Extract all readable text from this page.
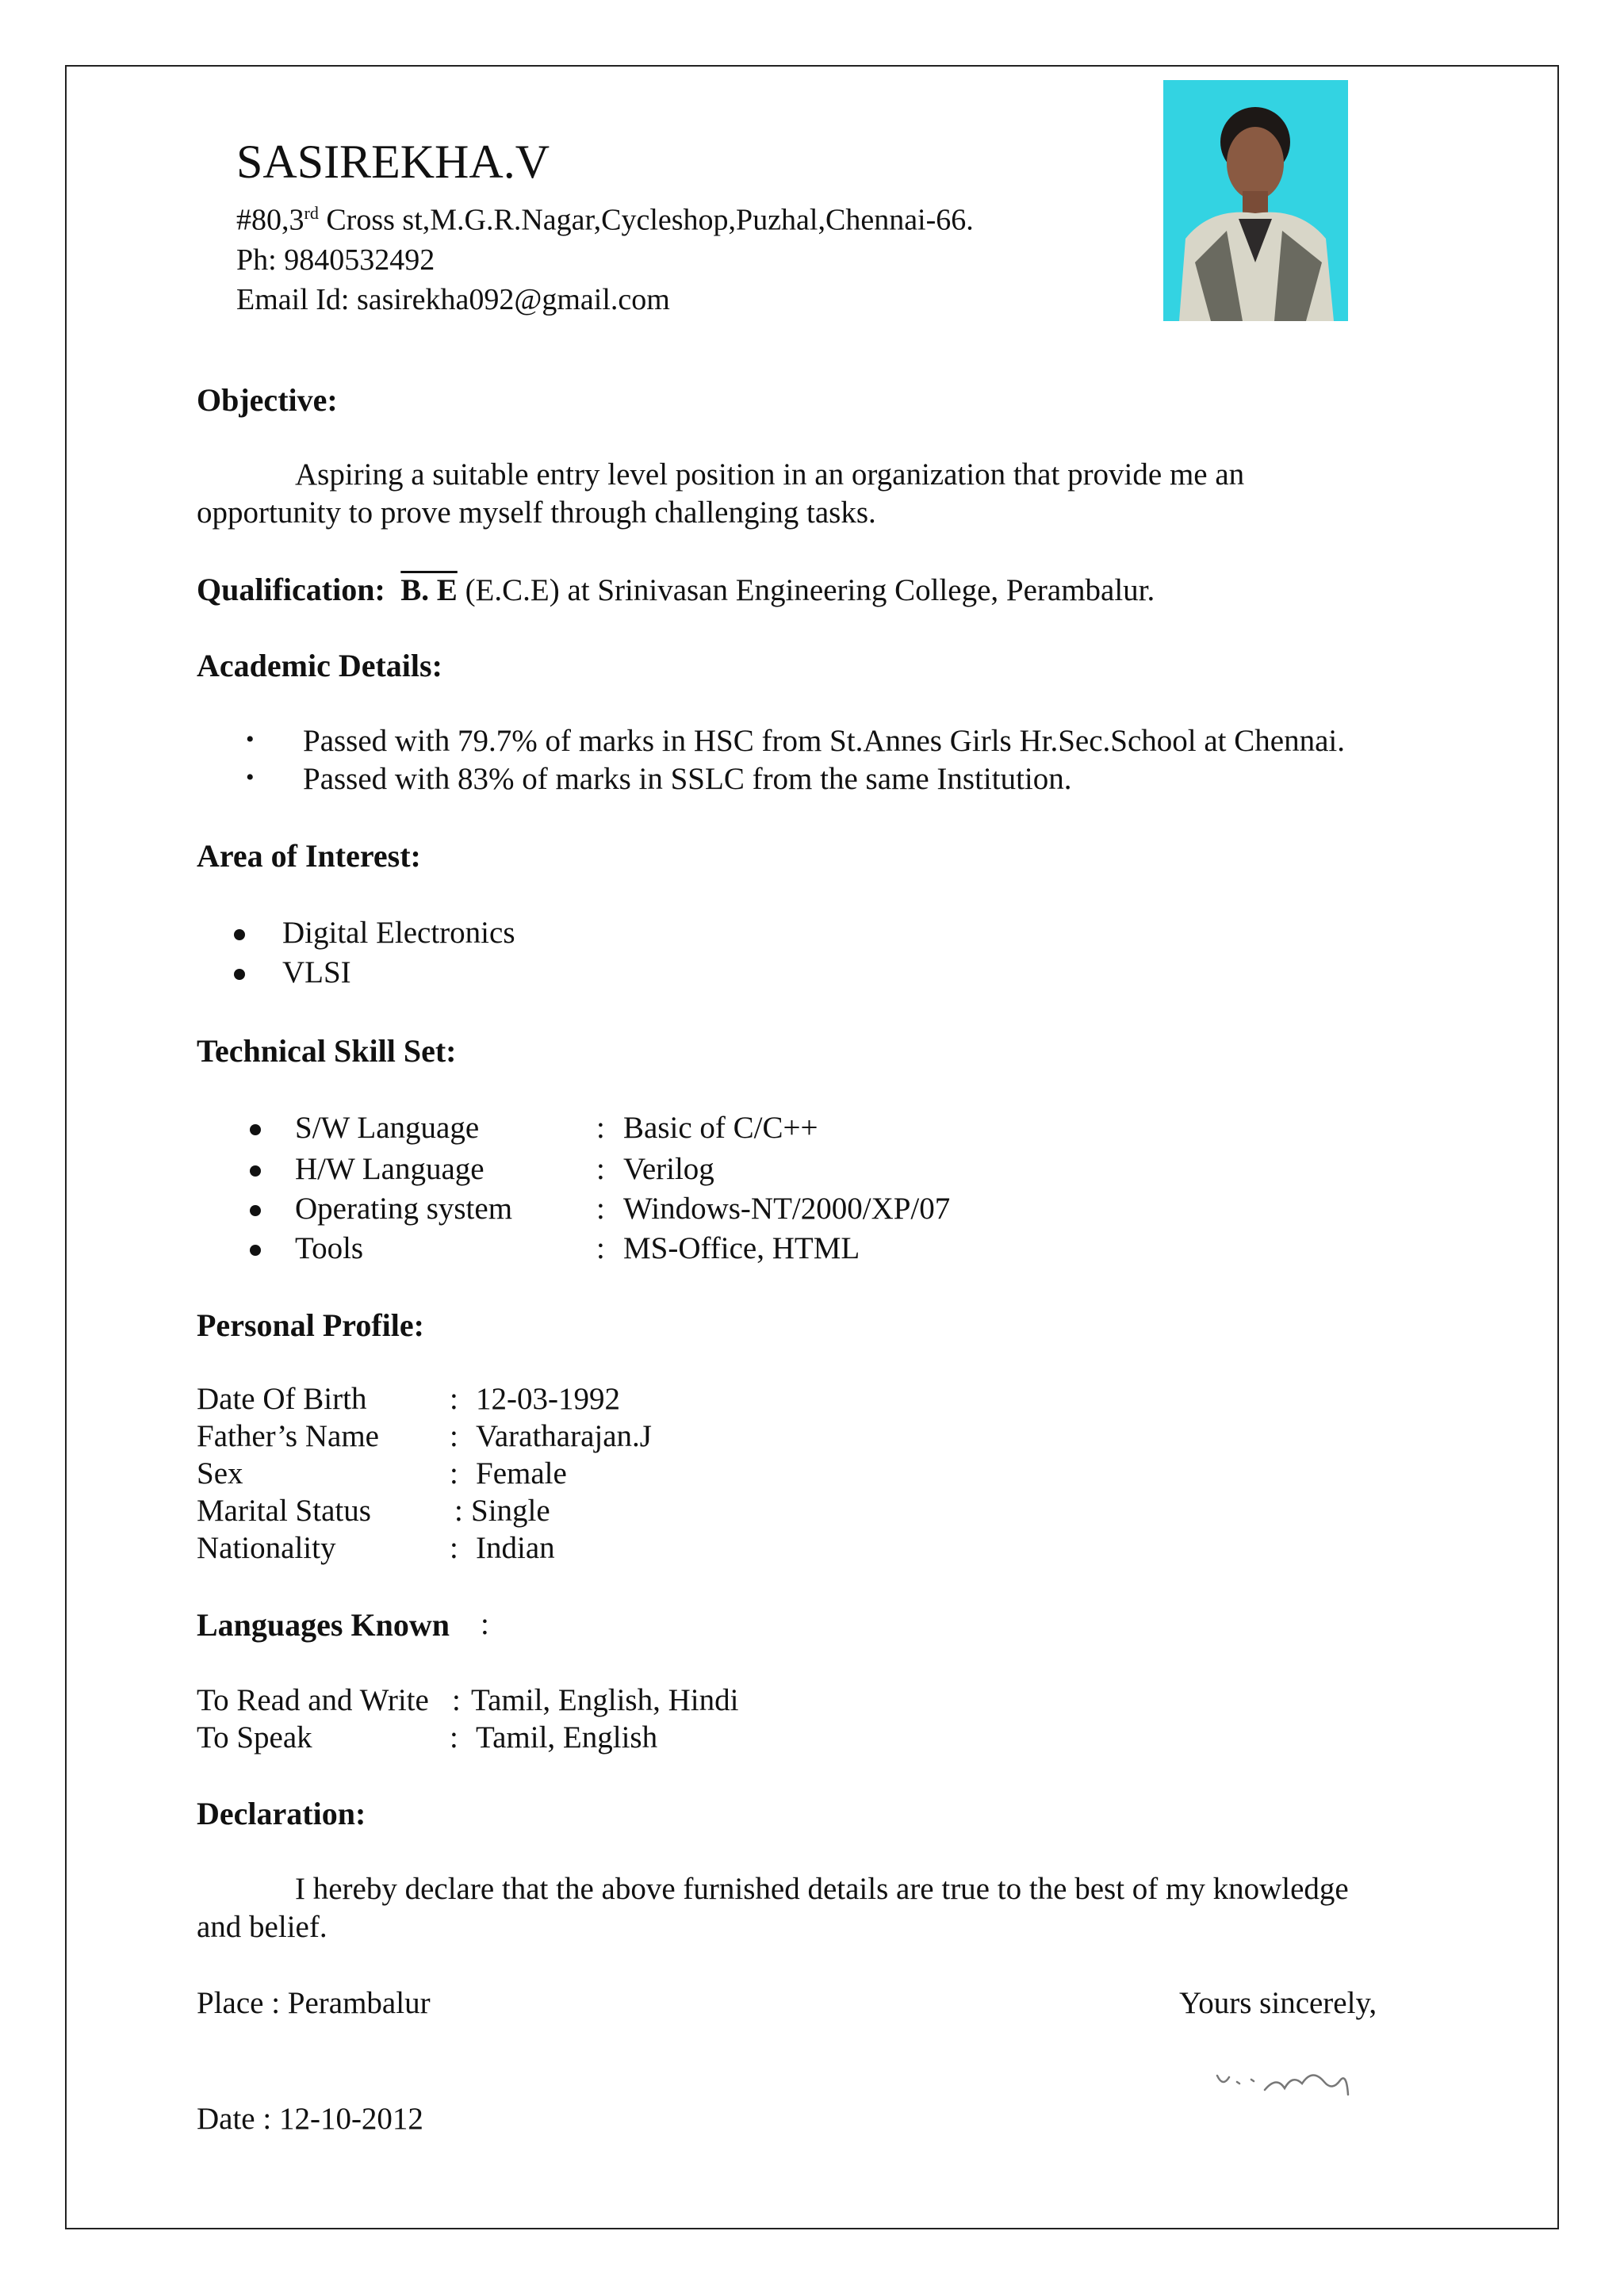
SASIREKHA.V
#80,3rd Cross st,M.G.R.Nagar,Cycleshop,Puzhal,Chennai-66.
Ph: 9840532492
Email Id: sasirekha092@gmail.com
Objective:
Aspiring a suitable entry level position in an organization that provide me an
opportunity to prove myself through challenging tasks.
Qualification: B. E (E.C.E) at Srinivasan Engineering College, Perambalur.
Academic Details:
• Passed with 79.7% of marks in HSC from St.Annes Girls Hr.Sec.School at Chennai.
• Passed with 83% of marks in SSLC from the same Institution.
Area of Interest:
Digital Electronics
VLSI
Technical Skill Set:
S/W Language	: Basic of C/C++
H/W Language	: Verilog
Operating system	: Windows-NT/2000/XP/07
Tools	: MS-Office, HTML
Personal Profile:
Date Of Birth	: 12-03-1992
Father’s Name : Varatharajan.J
Sex	: Female
Marital Status	: Single
Nationality	: Indian
Languages Known :
To Read and Write : Tamil, English, Hindi
To Speak	: Tamil, English
Declaration:
I hereby declare that the above furnished details are true to the best of my knowledge
and belief.
Place : Perambalur	Yours sincerely,
Date : 12-10-2012
